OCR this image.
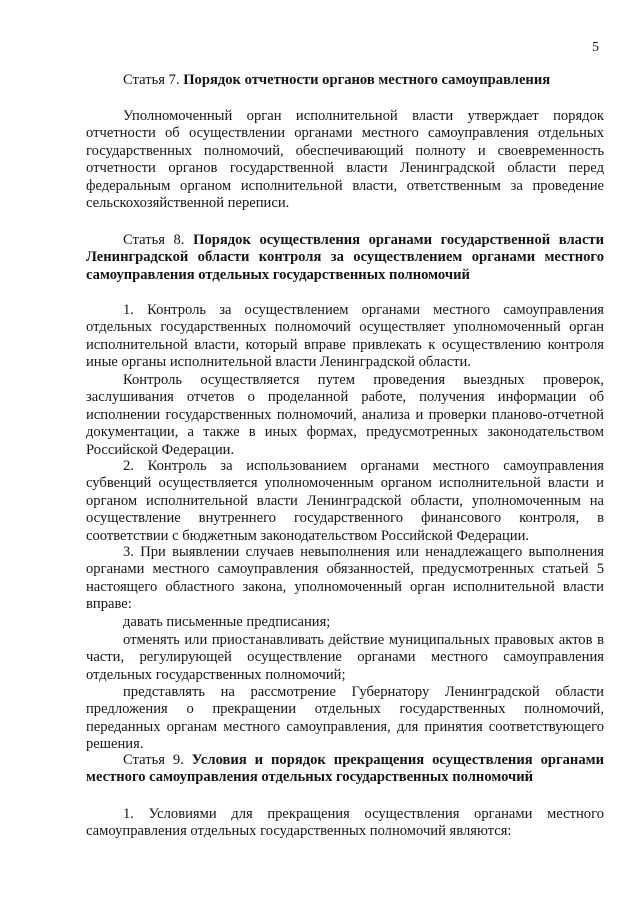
5

Статья 7. Порядок отчетности органов местного самоуправления

Уполномоченный орган исполнительной власти утверждает порядок отчетности об осуществлении органами местного самоуправления отдельных государственных полномочий, обеспечивающий полноту и своевременность отчетности органов государственной власти Ленинградской области перед федеральным органом исполнительной власти, ответственным за проведение сельскохозяйственной переписи.

Статья 8. Порядок осуществления органами государственной власти Ленинградской области контроля за осуществлением органами местного самоуправления отдельных государственных полномочий

1. Контроль за осуществлением органами местного самоуправления отдельных государственных полномочий осуществляет уполномоченный орган исполнительной власти, который вправе привлекать к осуществлению контроля иные органы исполнительной власти Ленинградской области.

Контроль осуществляется путем проведения выездных проверок, заслушивания отчетов о проделанной работе, получения информации об исполнении государственных полномочий, анализа и проверки планово-отчетной документации, а также в иных формах, предусмотренных законодательством Российской Федерации.

2. Контроль за использованием органами местного самоуправления субвенций осуществляется уполномоченным органом исполнительной власти и органом исполнительной власти Ленинградской области, уполномоченным на осуществление внутреннего государственного финансового контроля, в соответствии с бюджетным законодательством Российской Федерации.

3. При выявлении случаев невыполнения или ненадлежащего выполнения органами местного самоуправления обязанностей, предусмотренных статьей 5 настоящего областного закона, уполномоченный орган исполнительной власти вправе:

давать письменные предписания;

отменять или приостанавливать действие муниципальных правовых актов в части, регулирующей осуществление органами местного самоуправления отдельных государственных полномочий;

представлять на рассмотрение Губернатору Ленинградской области предложения о прекращении отдельных государственных полномочий, переданных органам местного самоуправления, для принятия соответствующего решения.

Статья 9. Условия и порядок прекращения осуществления органами местного самоуправления отдельных государственных полномочий

1. Условиями для прекращения осуществления органами местного самоуправления отдельных государственных полномочий являются:
